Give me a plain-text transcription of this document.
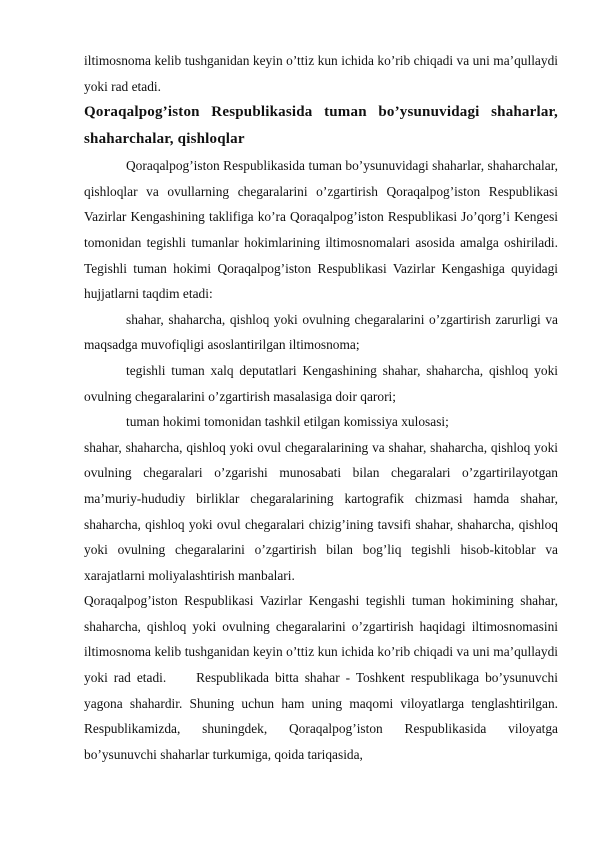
iltimosnoma kelib tushganidan keyin o’ttiz kun ichida ko’rib chiqadi va uni ma’qullaydi yoki rad etadi.

Qoraqalpog’iston Respublikasida tuman bo’ysunuvidagi shaharlar, shaharchalar, qishloqlar

Qoraqalpog’iston Respublikasida tuman bo’ysunuvidagi shaharlar, shaharchalar, qishloqlar va ovullarning chegaralarini o’zgartirish Qoraqalpog’iston Respublikasi Vazirlar Kengashining taklifiga ko’ra Qoraqalpog’iston Respublikasi Jo’qorg’i Kengesi tomonidan tegishli tumanlar hokimlarining iltimosnomalari asosida amalga oshiriladi. Tegishli tuman hokimi Qoraqalpog’iston Respublikasi Vazirlar Kengashiga quyidagi hujjatlarni taqdim etadi:

shahar, shaharcha, qishloq yoki ovulning chegaralarini o’zgartirish zarurligi va maqsadga muvofiqligi asoslantirilgan iltimosnoma;

tegishli tuman xalq deputatlari Kengashining shahar, shaharcha, qishloq yoki ovulning chegaralarini o’zgartirish masalasiga doir qarori;

tuman hokimi tomonidan tashkil etilgan komissiya xulosasi;

shahar, shaharcha, qishloq yoki ovul chegaralarining va shahar, shaharcha, qishloq yoki ovulning chegaralari o’zgarishi munosabati bilan chegaralari o’zgartirilayotgan ma’muriy-hududiy birliklar chegaralarining kartografik chizmasi hamda shahar, shaharcha, qishloq yoki ovul chegaralari chizig’ining tavsifi shahar, shaharcha, qishloq yoki ovulning chegaralarini o’zgartirish bilan bog’liq tegishli hisob-kitoblar va xarajatlarni moliyalashtirish manbalari.

Qoraqalpog’iston Respublikasi Vazirlar Kengashi tegishli tuman hokimining shahar, shaharcha, qishloq yoki ovulning chegaralarini o’zgartirish haqidagi iltimosnomasini iltimosnoma kelib tushganidan keyin o’ttiz kun ichida ko’rib chiqadi va uni ma’qullaydi yoki rad etadi. Respublikada bitta shahar - Toshkent respublikaga bo’ysunuvchi yagona shahardir. Shuning uchun ham uning maqomi viloyatlarga tenglashtirilgan. Respublikamizda, shuningdek, Qoraqalpog’iston Respublikasida viloyatga bo’ysunuvchi shaharlar turkumiga, qoida tariqasida,
